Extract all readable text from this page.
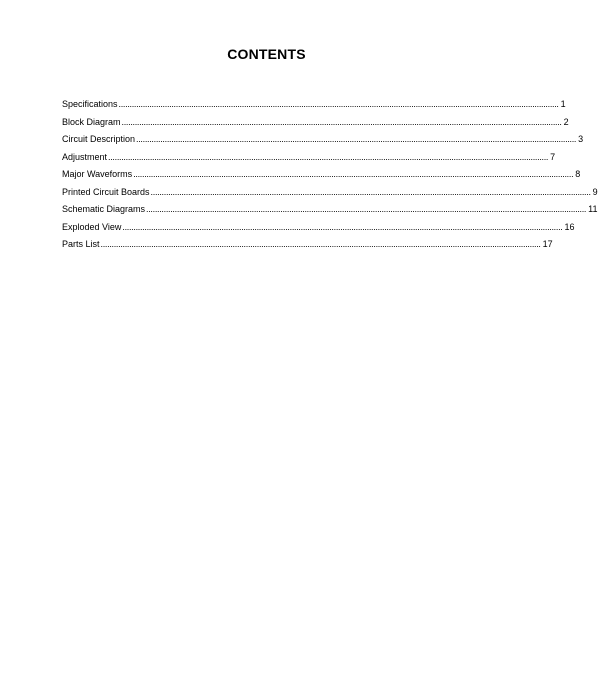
CONTENTS
Specifications ........................................................................................................................................................................................................ 1
Block Diagram ........................................................................................................................................................................................................ 2
Circuit Description ........................................................................................................................................................................................................ 3
Adjustment ........................................................................................................................................................................................................ 7
Major Waveforms ........................................................................................................................................................................................................ 8
Printed Circuit Boards ........................................................................................................................................................................................................ 9
Schematic Diagrams ........................................................................................................................................................................................................ 11
Exploded View ........................................................................................................................................................................................................ 16
Parts List ........................................................................................................................................................................................................ 17
